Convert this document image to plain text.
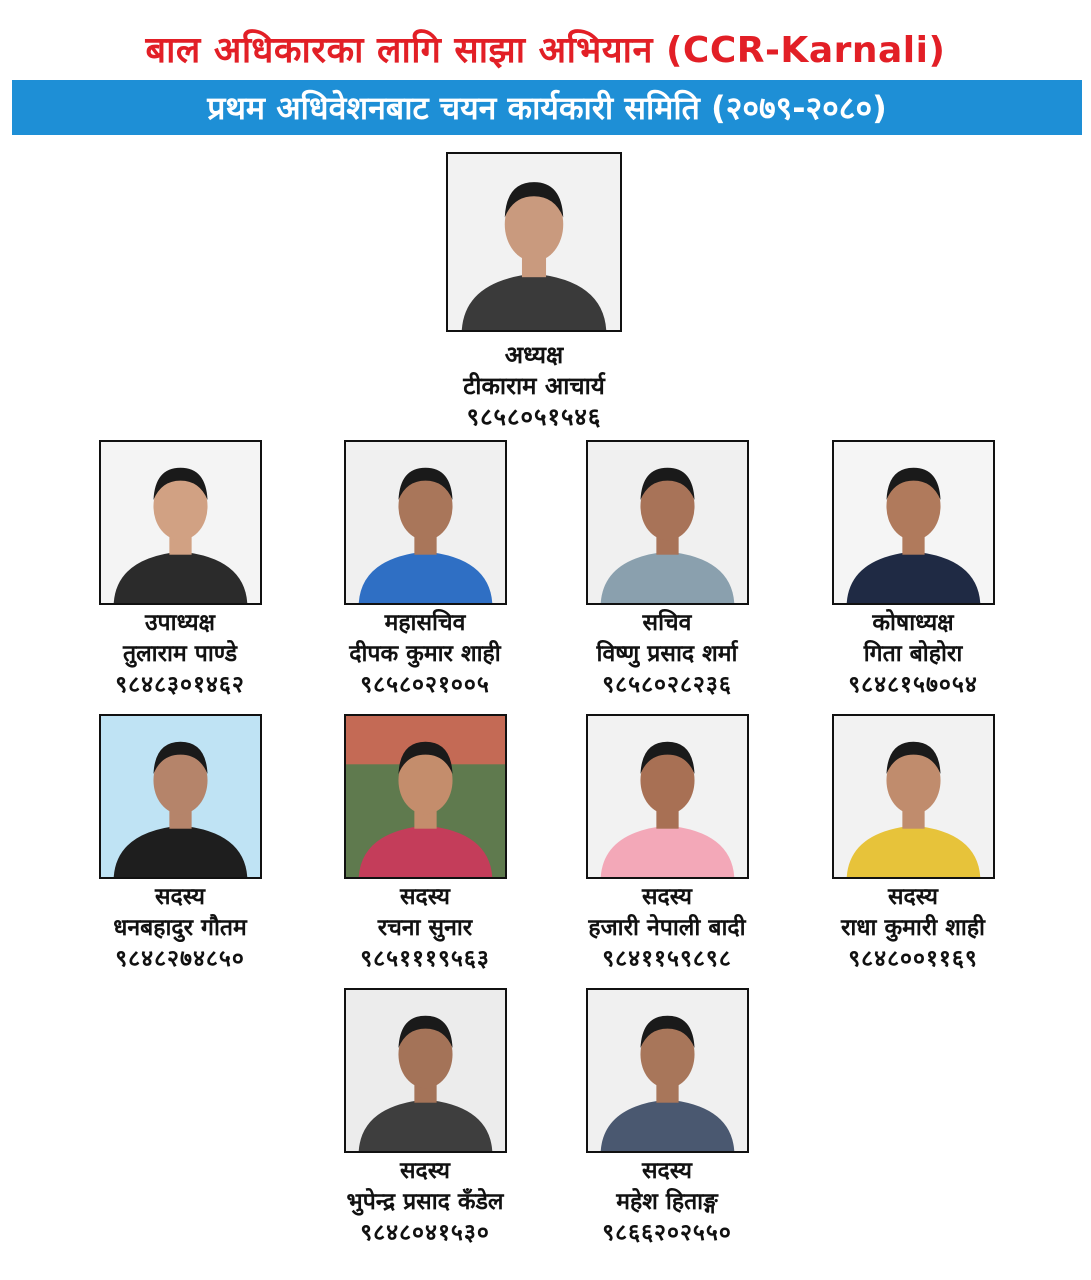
बाल अधिकारका लागि साझा अभियान (CCR-Karnali)
प्रथम अधिवेशनबाट चयन कार्यकारी समिति (२०७९-२०८०)
अध्यक्ष
टीकाराम आचार्य
९८५८०५१५४६
उपाध्यक्ष
तुलाराम पाण्डे
९८४८३०१४६२
महासचिव
दीपक कुमार शाही
९८५८०२१००५
सचिव
विष्णु प्रसाद शर्मा
९८५८०२८२३६
कोषाध्यक्ष
गिता बोहोरा
९८४८१५७०५४
सदस्य
धनबहादुर गौतम
९८४८२७४८५०
सदस्य
रचना सुनार
९८५१११९५६३
सदस्य
हजारी नेपाली बादी
९८४११५९८९८
सदस्य
राधा कुमारी शाही
९८४८००११६९
सदस्य
भुपेन्द्र प्रसाद कँडेल
९८४८०४१५३०
सदस्य
महेश हिताङ्ग
९८६६२०२५५०
